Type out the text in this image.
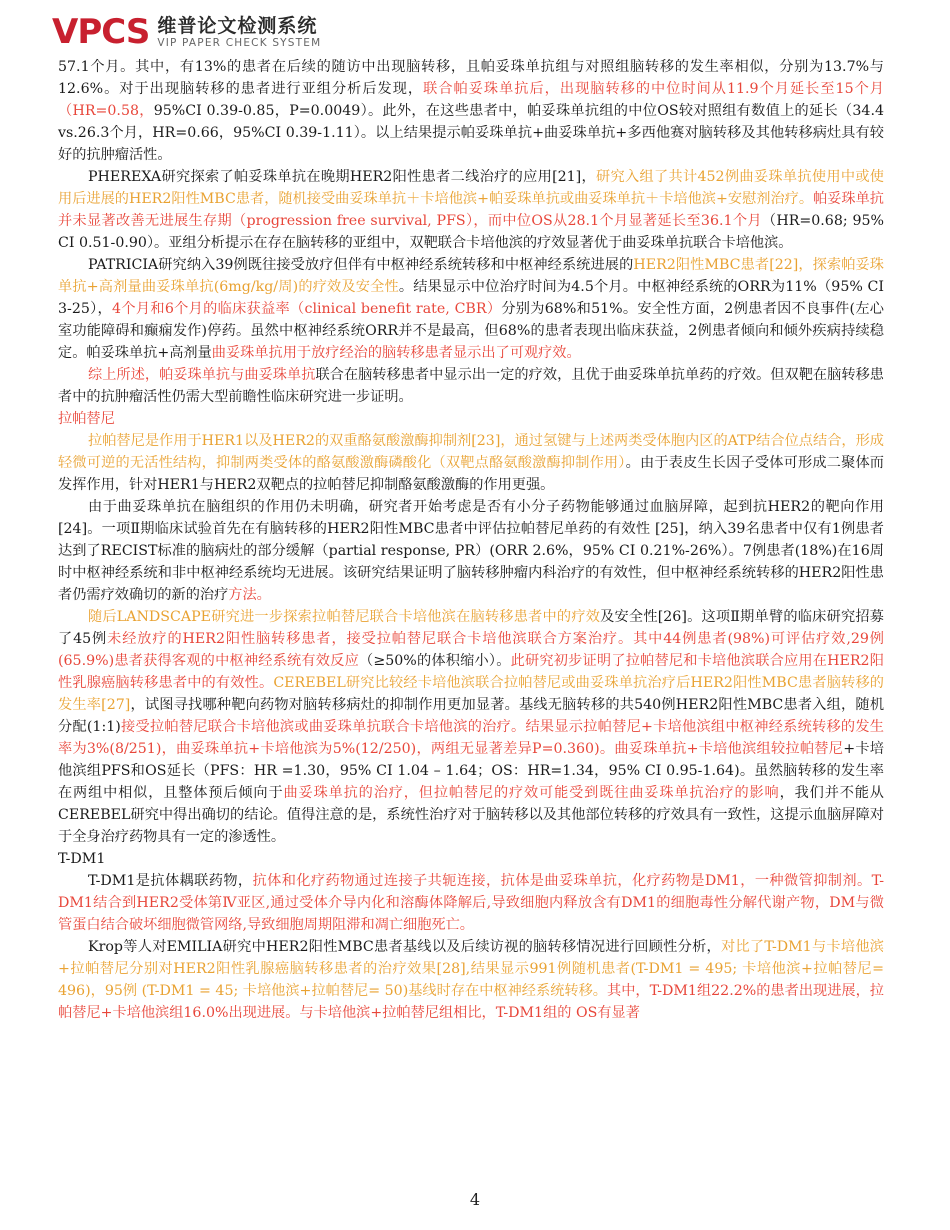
VPCS 维普论文检测系统
VIP PAPER CHECK SYSTEM

57.1个月。其中，有13%的患者在后续的随访中出现脑转移，且帕妥珠单抗组与对照组脑转移的发生率相似，分别为13.7%与12.6%。对于出现脑转移的患者进行亚组分析后发现，联合帕妥珠单抗后，出现脑转移的中位时间从11.9个月延长至15个月（HR=0.58，95%CI 0.39-0.85，P=0.0049）。此外，在这些患者中，帕妥珠单抗组的中位OS较对照组有数值上的延长（34.4 vs.26.3个月，HR=0.66，95%CI 0.39-1.11）。以上结果提示帕妥珠单抗+曲妥珠单抗+多西他赛对脑转移及其他转移病灶具有较好的抗肿瘤活性。

PHEREXA研究探索了帕妥珠单抗在晚期HER2阳性患者二线治疗的应用[21]，研究入组了共计452例曲妥珠单抗使用中或使用后进展的HER2阳性MBC患者，随机接受曲妥珠单抗＋卡培他滨+帕妥珠单抗或曲妥珠单抗＋卡培他滨+安慰剂治疗。帕妥珠单抗并未显著改善无进展生存期（progression free survival, PFS），而中位OS从28.1个月显著延长至36.1个月（HR=0.68; 95% CI 0.51-0.90）。亚组分析提示在存在脑转移的亚组中，双靶联合卡培他滨的疗效显著优于曲妥珠单抗联合卡培他滨。

PATRICIA研究纳入39例既往接受放疗但伴有中枢神经系统转移和中枢神经系统进展的HER2阳性MBC患者[22]，探索帕妥珠单抗+高剂量曲妥珠单抗(6mg/kg/周)的疗效及安全性。结果显示中位治疗时间为4.5个月。中枢神经系统的ORR为11%（95% CI 3-25），4个月和6个月的临床获益率（clinical benefit rate, CBR）分别为68%和51%。安全性方面，2例患者因不良事件(左心室功能障碍和癫痫发作)停药。虽然中枢神经系统ORR并不是最高，但68%的患者表现出临床获益，2例患者倾向和倾外疾病持续稳定。帕妥珠单抗+高剂量曲妥珠单抗用于放疗经治的脑转移患者显示出了可观疗效。

综上所述，帕妥珠单抗与曲妥珠单抗联合在脑转移患者中显示出一定的疗效，且优于曲妥珠单抗单药的疗效。但双靶在脑转移患者中的抗肿瘤活性仍需大型前瞻性临床研究进一步证明。

拉帕替尼

拉帕替尼是作用于HER1以及HER2的双重酪氨酸激酶抑制剂[23]，通过氢键与上述两类受体胞内区的ATP结合位点结合，形成轻微可逆的无活性结构，抑制两类受体的酪氨酸激酶磷酸化（双靶点酪氨酸激酶抑制作用）。由于表皮生长因子受体可形成二聚体而发挥作用，针对HER1与HER2双靶点的拉帕替尼抑制酪氨酸激酶的作用更强。

由于曲妥珠单抗在脑组织的作用仍未明确，研究者开始考虑是否有小分子药物能够通过血脑屏障，起到抗HER2的靶向作用[24]。一项Ⅱ期临床试验首先在有脑转移的HER2阳性MBC患者中评估拉帕替尼单药的有效性 [25]，纳入39名患者中仅有1例患者达到了RECIST标准的脑病灶的部分缓解（partial response, PR）(ORR 2.6%，95% CI 0.21%-26%）。7例患者(18%)在16周时中枢神经系统和非中枢神经系统均无进展。该研究结果证明了脑转移肿瘤内科治疗的有效性，但中枢神经系统转移的HER2阳性患者仍需疗效确切的新的治疗方法。

随后LANDSCAPE研究进一步探索拉帕替尼联合卡培他滨在脑转移患者中的疗效及安全性[26]。这项Ⅱ期单臂的临床研究招募了45例未经放疗的HER2阳性脑转移患者，接受拉帕替尼联合卡培他滨联合方案治疗。其中44例患者(98%)可评估疗效,29例(65.9%)患者获得客观的中枢神经系统有效反应（≥50%的体积缩小）。此研究初步证明了拉帕替尼和卡培他滨联合应用在HER2阳性乳腺癌脑转移患者中的有效性。CEREBEL研究比较经卡培他滨联合拉帕替尼或曲妥珠单抗治疗后HER2阳性MBC患者脑转移的发生率[27]，试图寻找哪种靶向药物对脑转移病灶的抑制作用更加显著。基线无脑转移的共540例HER2阳性MBC患者入组，随机分配(1:1)接受拉帕替尼联合卡培他滨或曲妥珠单抗联合卡培他滨的治疗。结果显示拉帕替尼+卡培他滨组中枢神经系统转移的发生率为3%(8/251)，曲妥珠单抗+卡培他滨为5%(12/250)，两组无显著差异P=0.360)。曲妥珠单抗+卡培他滨组较拉帕替尼+卡培他滨组PFS和OS延长（PFS：HR =1.30，95% CI 1.04 – 1.64；OS：HR=1.34，95% CI 0.95-1.64)。虽然脑转移的发生率在两组中相似，且整体预后倾向于曲妥珠单抗的治疗，但拉帕替尼的疗效可能受到既往曲妥珠单抗治疗的影响，我们并不能从CEREBEL研究中得出确切的结论。值得注意的是，系统性治疗对于脑转移以及其他部位转移的疗效具有一致性，这提示血脑屏障对于全身治疗药物具有一定的渗透性。

T-DM1

T-DM1是抗体耦联药物，抗体和化疗药物通过连接子共轭连接，抗体是曲妥珠单抗，化疗药物是DM1，一种微管抑制剂。T-DM1结合到HER2受体第Ⅳ亚区,通过受体介导内化和溶酶体降解后,导致细胞内释放含有DM1的细胞毒性分解代谢产物，DM与微管蛋白结合破坏细胞微管网络,导致细胞周期阻滞和凋亡细胞死亡。

Krop等人对EMILIA研究中HER2阳性MBC患者基线以及后续访视的脑转移情况进行回顾性分析，对比了T-DM1与卡培他滨+拉帕替尼分别对HER2阳性乳腺癌脑转移患者的治疗效果[28],结果显示991例随机患者(T-DM1 = 495; 卡培他滨+拉帕替尼= 496)，95例 (T-DM1 = 45; 卡培他滨+拉帕替尼= 50)基线时存在中枢神经系统转移。其中，T-DM1组22.2%的患者出现进展，拉帕替尼+卡培他滨组16.0%出现进展。与卡培他滨+拉帕替尼组相比，T-DM1组的 OS有显著

4
